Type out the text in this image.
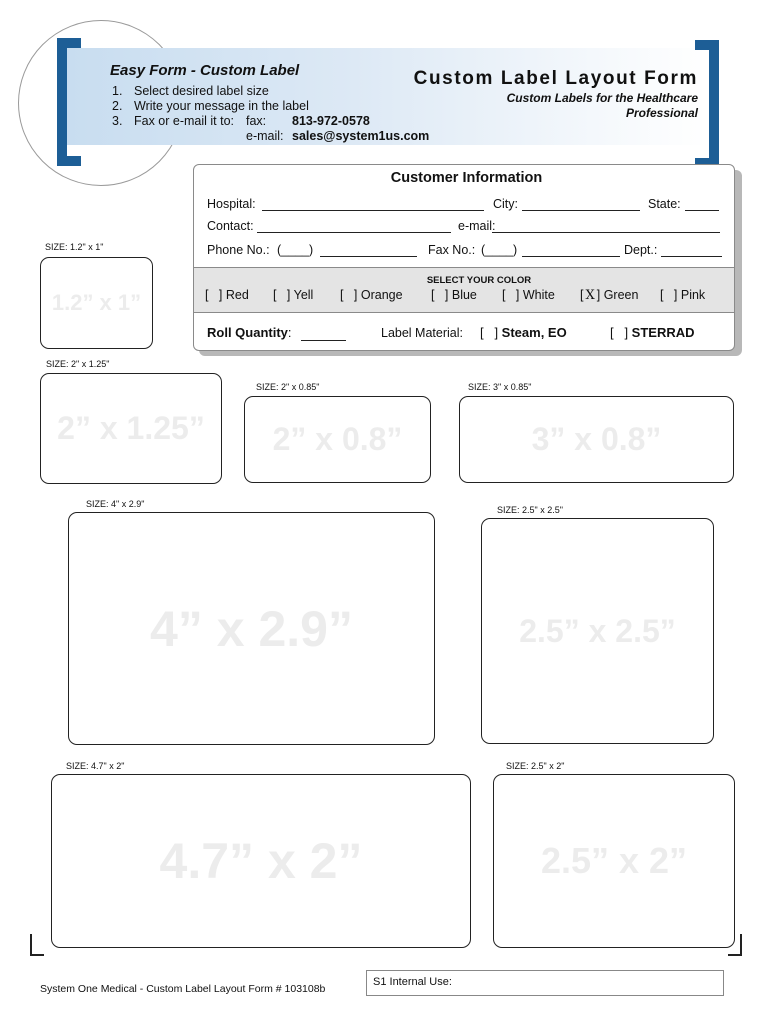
Easy Form - Custom Label
1. Select desired label size
2. Write your message in the label
3. Fax or e-mail it to: fax: 813-972-0578
e-mail: sales@system1us.com
Custom Label Layout Form
Custom Labels for the Healthcare Professional
Customer Information
Hospital:	City:	State:
Contact:	e-mail:
Phone No.: (____)	Fax No.: (____)	Dept.:
SELECT YOUR COLOR
[   ] Red [   ] Yell [   ] Orange [   ] Blue [   ] White [ X ] Green [   ] Pink
Roll Quantity:	Label Material: [   ] Steam, EO	[   ] STERRAD
SIZE: 1.2" x 1"
1.2” x 1”
SIZE: 2" x 1.25"
2” x 1.25”
SIZE: 2" x 0.85"
2” x 0.8”
SIZE: 3" x 0.85"
3” x 0.8”
SIZE: 4" x 2.9"
4” x 2.9”
SIZE: 2.5" x 2.5"
2.5” x 2.5”
SIZE: 4.7" x 2"
4.7” x 2”
SIZE: 2.5" x 2"
2.5” x 2”
System One Medical - Custom Label Layout Form # 103108b
S1 Internal Use:
